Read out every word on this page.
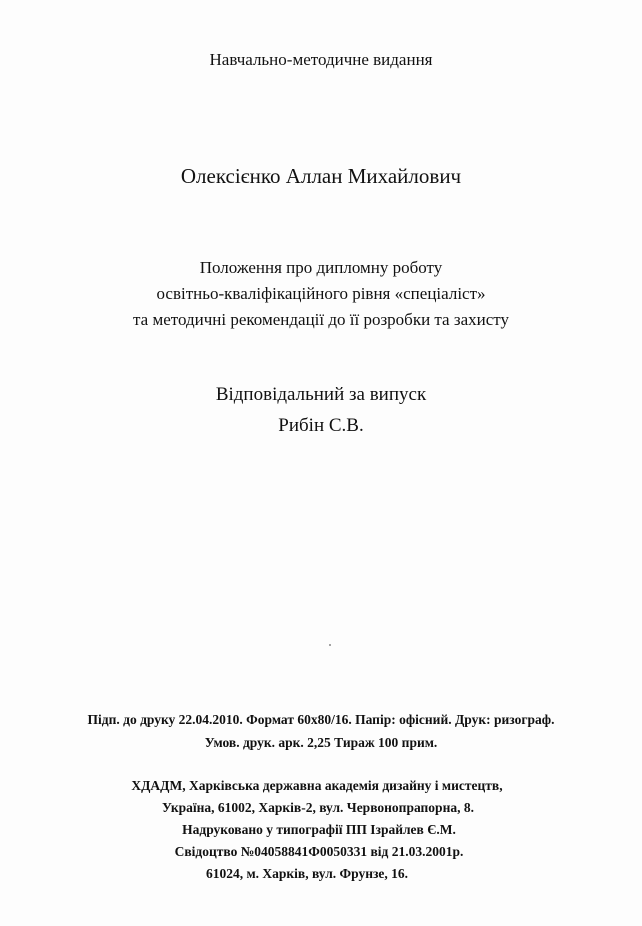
Навчально-методичне видання
Олексієнко Аллан Михайлович
Положення про дипломну роботу
освітньо-кваліфікаційного рівня «спеціаліст»
та методичні рекомендації до її розробки та захисту
Відповідальний за випуск
Рибін С.В.
Підп. до друку 22.04.2010. Формат 60х80/16. Папір: офісний. Друк: ризограф.
Умов. друк. арк. 2,25 Тираж 100 прим.
ХДАДМ, Харківська державна академія дизайну і мистецтв,
Україна, 61002, Харків-2, вул. Червонопрапорна, 8.
Надруковано у типографії ПП Ізрайлев Є.М.
Свідоцтво №04058841Ф0050331 від 21.03.2001р.
61024, м. Харків, вул. Фрунзе, 16.
